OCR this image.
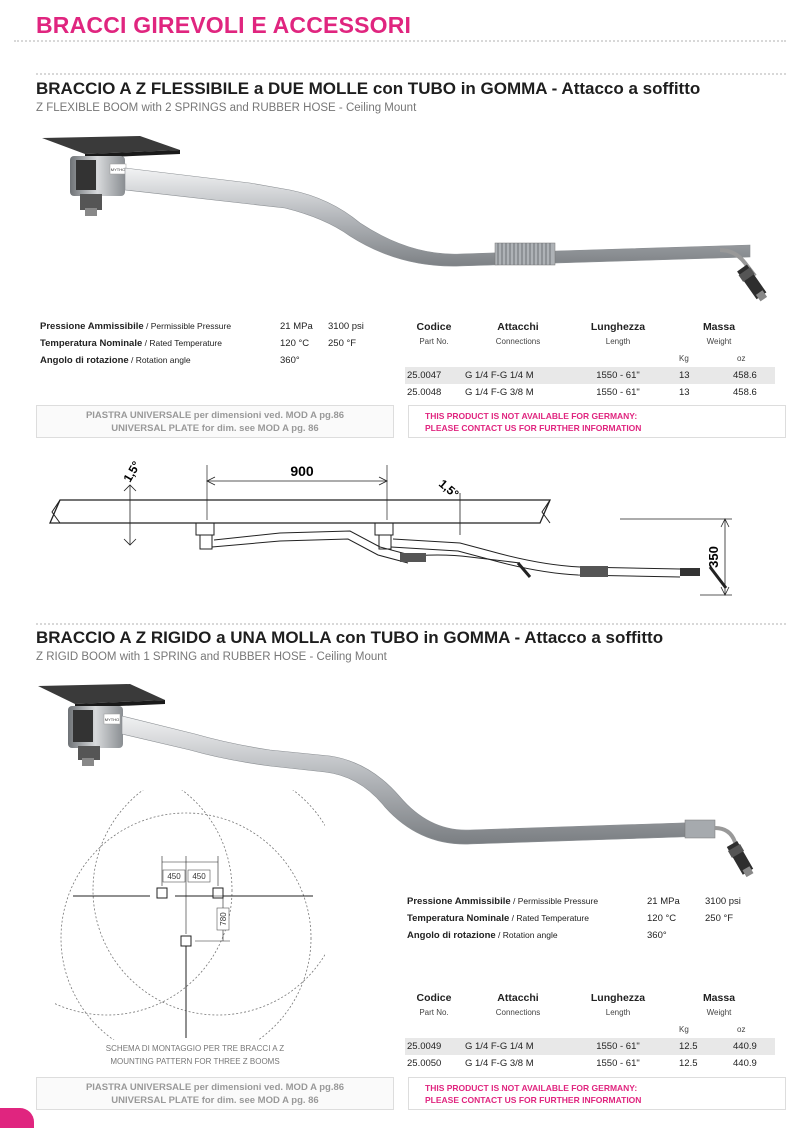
BRACCI GIREVOLI E ACCESSORI
BRACCIO A Z FLESSIBILE a DUE MOLLE con TUBO in GOMMA - Attacco a soffitto
Z FLEXIBLE BOOM with 2 SPRINGS and RUBBER HOSE - Ceiling Mount
MYTHO
Pressione Ammissibile / Permissible Pressure	21 MPa 3100 psi
Temperatura Nominale / Rated Temperature	120 °C 250 °F
Angolo di rotazione / Rotation angle	360°
Codice	Attacchi	Lunghezza	Massa	
Part No.	Connections	Length	Weight	
			Kg	oz
25.0047	G 1/4 F-G 1/4 M	1550 - 61"	13	458.6
25.0048	G 1/4 F-G 3/8 M	1550 - 61"	13	458.6
PIASTRA UNIVERSALE per dimensioni ved. MOD A pg.86
UNIVERSAL PLATE for dim. see MOD A pg. 86
THIS PRODUCT IS NOT AVAILABLE FOR GERMANY:
PLEASE CONTACT US FOR FURTHER INFORMATION
1,5°	900
1,5°
350
BRACCIO A Z RIGIDO a UNA MOLLA con TUBO in GOMMA - Attacco a soffitto
Z RIGID BOOM with 1 SPRING and RUBBER HOSE - Ceiling Mount
MYTHO
450 450
780
SCHEMA DI MONTAGGIO PER TRE BRACCI A Z
MOUNTING PATTERN FOR THREE Z BOOMS
Pressione Ammissibile / Permissible Pressure	21 MPa	3100 psi
Temperatura Nominale / Rated Temperature	120 °C	250 °F
Angolo di rotazione / Rotation angle	360°
Codice	Attacchi	Lunghezza	Massa	
Part No.	Connections	Length	Weight	
			Kg	oz
25.0049	G 1/4 F-G 1/4 M	1550 - 61"	12.5	440.9
25.0050	G 1/4 F-G 3/8 M	1550 - 61"	12.5	440.9
PIASTRA UNIVERSALE per dimensioni ved. MOD A pg.86
UNIVERSAL PLATE for dim. see MOD A pg. 86
THIS PRODUCT IS NOT AVAILABLE FOR GERMANY:
PLEASE CONTACT US FOR FURTHER INFORMATION
